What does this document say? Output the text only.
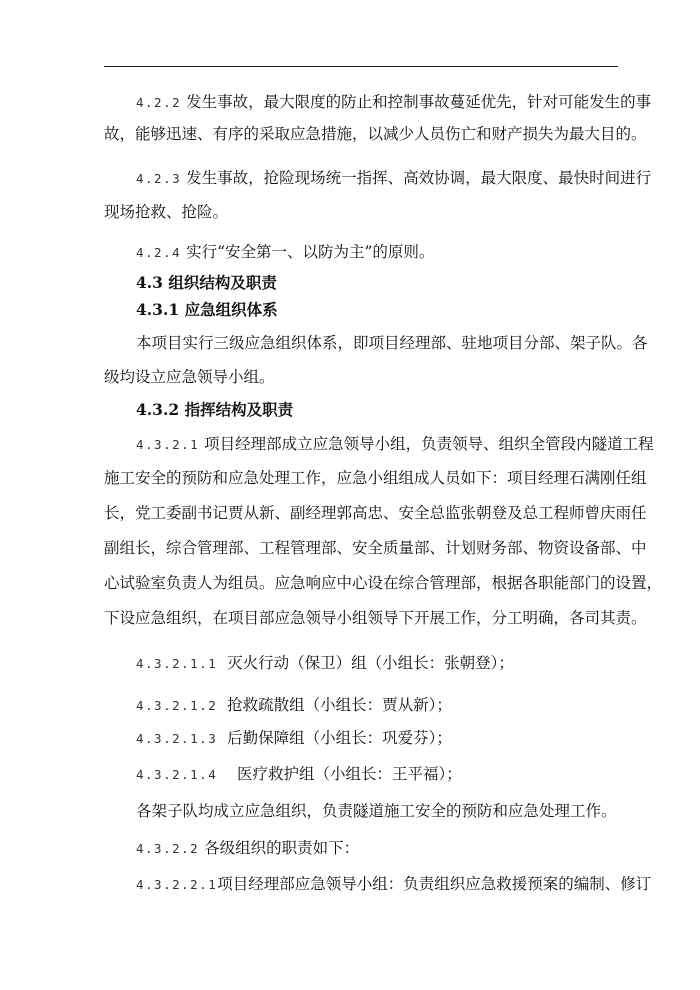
4.2.2 发生事故，最大限度的防止和控制事故蔓延优先，针对可能发生的事
故，能够迅速、有序的采取应急措施，以减少人员伤亡和财产损失为最大目的。
4.2.3 发生事故，抢险现场统一指挥、高效协调，最大限度、最快时间进行
现场抢救、抢险。
4.2.4 实行“安全第一、以防为主”的原则。
4.3 组织结构及职责
4.3.1 应急组织体系
本项目实行三级应急组织体系，即项目经理部、驻地项目分部、架子队。各
级均设立应急领导小组。
4.3.2 指挥结构及职责
4.3.2.1 项目经理部成立应急领导小组，负责领导、组织全管段内隧道工程
施工安全的预防和应急处理工作，应急小组组成人员如下：项目经理石满刚任组
长，党工委副书记贾从新、副经理郭高忠、安全总监张朝登及总工程师曾庆雨任
副组长，综合管理部、工程管理部、安全质量部、计划财务部、物资设备部、中
心试验室负责人为组员。应急响应中心设在综合管理部，根据各职能部门的设置，
下设应急组织，在项目部应急领导小组领导下开展工作，分工明确，各司其责。
4.3.2.1.1 灭火行动（保卫）组（小组长：张朝登）；
4.3.2.1.2 抢救疏散组（小组长：贾从新）；
4.3.2.1.3 后勤保障组（小组长：巩爱芬）；
4.3.2.1.4 医疗救护组（小组长：王平福）；
各架子队均成立应急组织，负责隧道施工安全的预防和应急处理工作。
4.3.2.2 各级组织的职责如下：
4.3.2.2.1项目经理部应急领导小组：负责组织应急救援预案的编制、修订
